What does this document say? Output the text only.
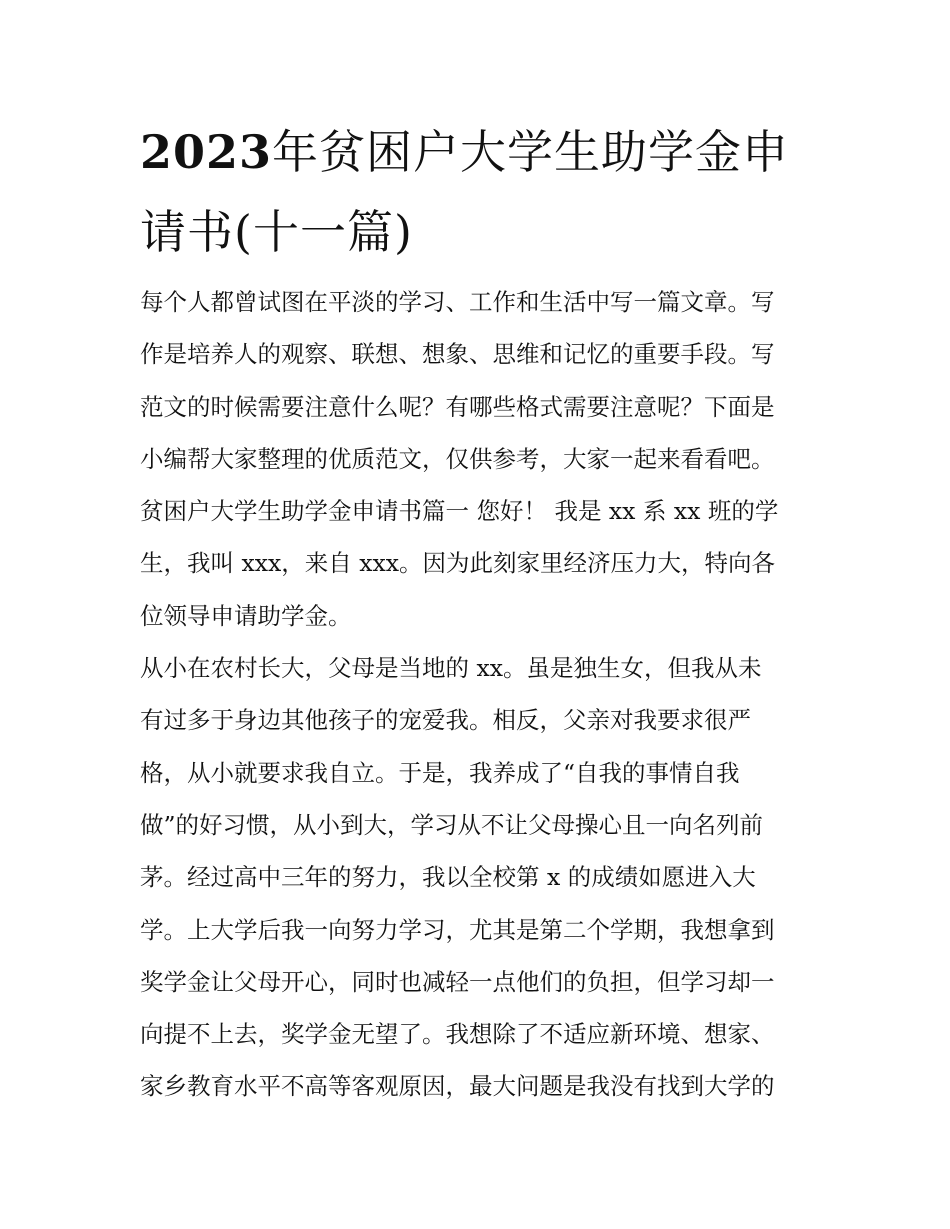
2023年贫困户大学生助学金申
请书(十一篇)
每个人都曾试图在平淡的学习、工作和生活中写一篇文章。写
作是培养人的观察、联想、想象、思维和记忆的重要手段。写
范文的时候需要注意什么呢？有哪些格式需要注意呢？下面是
小编帮大家整理的优质范文，仅供参考，大家一起来看看吧。
贫困户大学生助学金申请书篇一 您好！ 我是 xx 系 xx 班的学
生，我叫 xxx，来自 xxx。因为此刻家里经济压力大，特向各
位领导申请助学金。
从小在农村长大，父母是当地的 xx。虽是独生女，但我从未
有过多于身边其他孩子的宠爱我。相反，父亲对我要求很严
格，从小就要求我自立。于是，我养成了“自我的事情自我
做”的好习惯，从小到大，学习从不让父母操心且一向名列前
茅。经过高中三年的努力，我以全校第 x 的成绩如愿进入大
学。上大学后我一向努力学习，尤其是第二个学期，我想拿到
奖学金让父母开心，同时也减轻一点他们的负担，但学习却一
向提不上去，奖学金无望了。我想除了不适应新环境、想家、
家乡教育水平不高等客观原因，最大问题是我没有找到大学的
